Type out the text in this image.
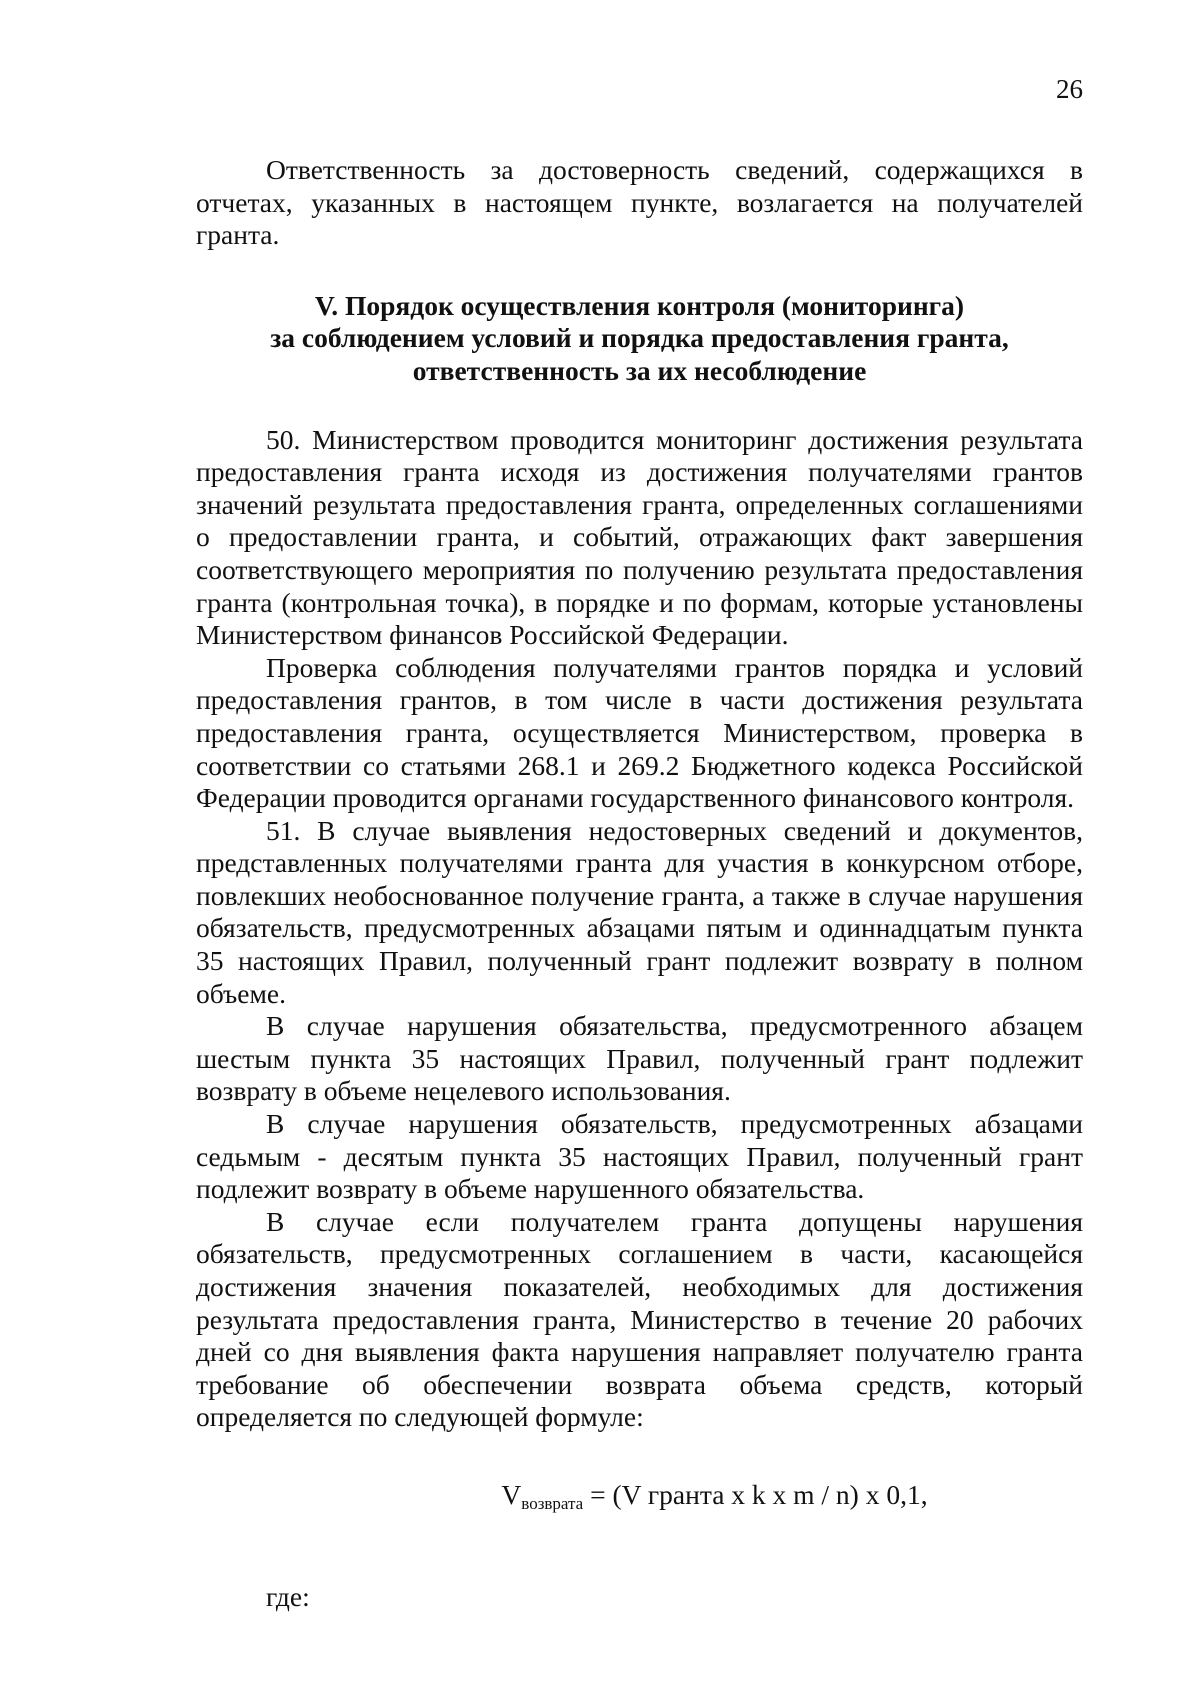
26

Ответственность за достоверность сведений, содержащихся в отчетах, указанных в настоящем пункте, возлагается на получателей гранта.

V. Порядок осуществления контроля (мониторинга)
за соблюдением условий и порядка предоставления гранта,
ответственность за их несоблюдение

50. Министерством проводится мониторинг достижения результата предоставления гранта исходя из достижения получателями грантов значений результата предоставления гранта, определенных соглашениями о предоставлении гранта, и событий, отражающих факт завершения соответствующего мероприятия по получению результата предоставления гранта (контрольная точка), в порядке и по формам, которые установлены Министерством финансов Российской Федерации.

Проверка соблюдения получателями грантов порядка и условий предоставления грантов, в том числе в части достижения результата предоставления гранта, осуществляется Министерством, проверка в соответствии со статьями 268.1 и 269.2 Бюджетного кодекса Российской Федерации проводится органами государственного финансового контроля.

51. В случае выявления недостоверных сведений и документов, представленных получателями гранта для участия в конкурсном отборе, повлекших необоснованное получение гранта, а также в случае нарушения обязательств, предусмотренных абзацами пятым и одиннадцатым пункта 35 настоящих Правил, полученный грант подлежит возврату в полном объеме.

В случае нарушения обязательства, предусмотренного абзацем шестым пункта 35 настоящих Правил, полученный грант подлежит возврату в объеме нецелевого использования.

В случае нарушения обязательств, предусмотренных абзацами седьмым - десятым пункта 35 настоящих Правил, полученный грант подлежит возврату в объеме нарушенного обязательства.

В случае если получателем гранта допущены нарушения обязательств, предусмотренных соглашением в части, касающейся достижения значения показателей, необходимых для достижения результата предоставления гранта, Министерство в течение 20 рабочих дней со дня выявления факта нарушения направляет получателю гранта требование об обеспечении возврата объема средств, который определяется по следующей формуле:

$V_{возврата} = (V$ гранта x k x m / n) x 0,1,

где:
